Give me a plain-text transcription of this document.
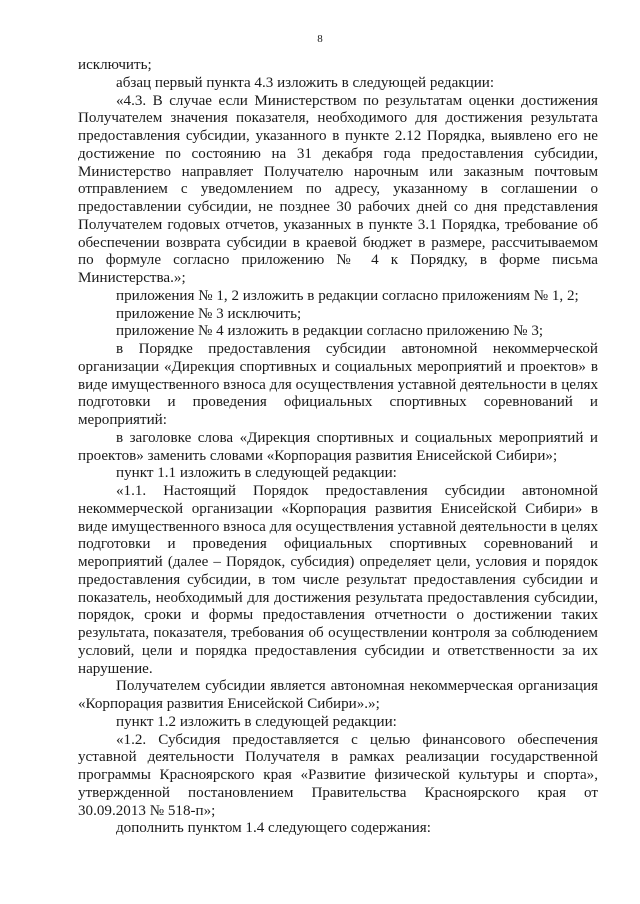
8

исключить;

абзац первый пункта 4.3 изложить в следующей редакции:

«4.3. В случае если Министерством по результатам оценки достижения Получателем значения показателя, необходимого для достижения результата предоставления субсидии, указанного в пункте 2.12 Порядка, выявлено его не достижение по состоянию на 31 декабря года предоставления субсидии, Министерство направляет Получателю нарочным или заказным почтовым отправлением с уведомлением по адресу, указанному в соглашении о предоставлении субсидии, не позднее 30 рабочих дней со дня представления Получателем годовых отчетов, указанных в пункте 3.1 Порядка, требование об обеспечении возврата субсидии в краевой бюджет в размере, рассчитываемом по формуле согласно приложению № 4 к Порядку, в форме письма Министерства.»;

приложения № 1, 2 изложить в редакции согласно приложениям № 1, 2;

приложение № 3 исключить;

приложение № 4 изложить в редакции согласно приложению № 3;

в Порядке предоставления субсидии автономной некоммерческой организации «Дирекция спортивных и социальных мероприятий и проектов» в виде имущественного взноса для осуществления уставной деятельности в целях подготовки и проведения официальных спортивных соревнований и мероприятий:

в заголовке слова «Дирекция спортивных и социальных мероприятий и проектов» заменить словами «Корпорация развития Енисейской Сибири»;

пункт 1.1 изложить в следующей редакции:

«1.1. Настоящий Порядок предоставления субсидии автономной некоммерческой организации «Корпорация развития Енисейской Сибири» в виде имущественного взноса для осуществления уставной деятельности в целях подготовки и проведения официальных спортивных соревнований и мероприятий (далее – Порядок, субсидия) определяет цели, условия и порядок предоставления субсидии, в том числе результат предоставления субсидии и показатель, необходимый для достижения результата предоставления субсидии, порядок, сроки и формы предоставления отчетности о достижении таких результата, показателя, требования об осуществлении контроля за соблюдением условий, цели и порядка предоставления субсидии и ответственности за их нарушение.

Получателем субсидии является автономная некоммерческая организация «Корпорация развития Енисейской Сибири».»;

пункт 1.2 изложить в следующей редакции:

«1.2. Субсидия предоставляется с целью финансового обеспечения уставной деятельности Получателя в рамках реализации государственной программы Красноярского края «Развитие физической культуры и спорта», утвержденной постановлением Правительства Красноярского края от 30.09.2013 № 518-п»;

дополнить пунктом 1.4 следующего содержания:
